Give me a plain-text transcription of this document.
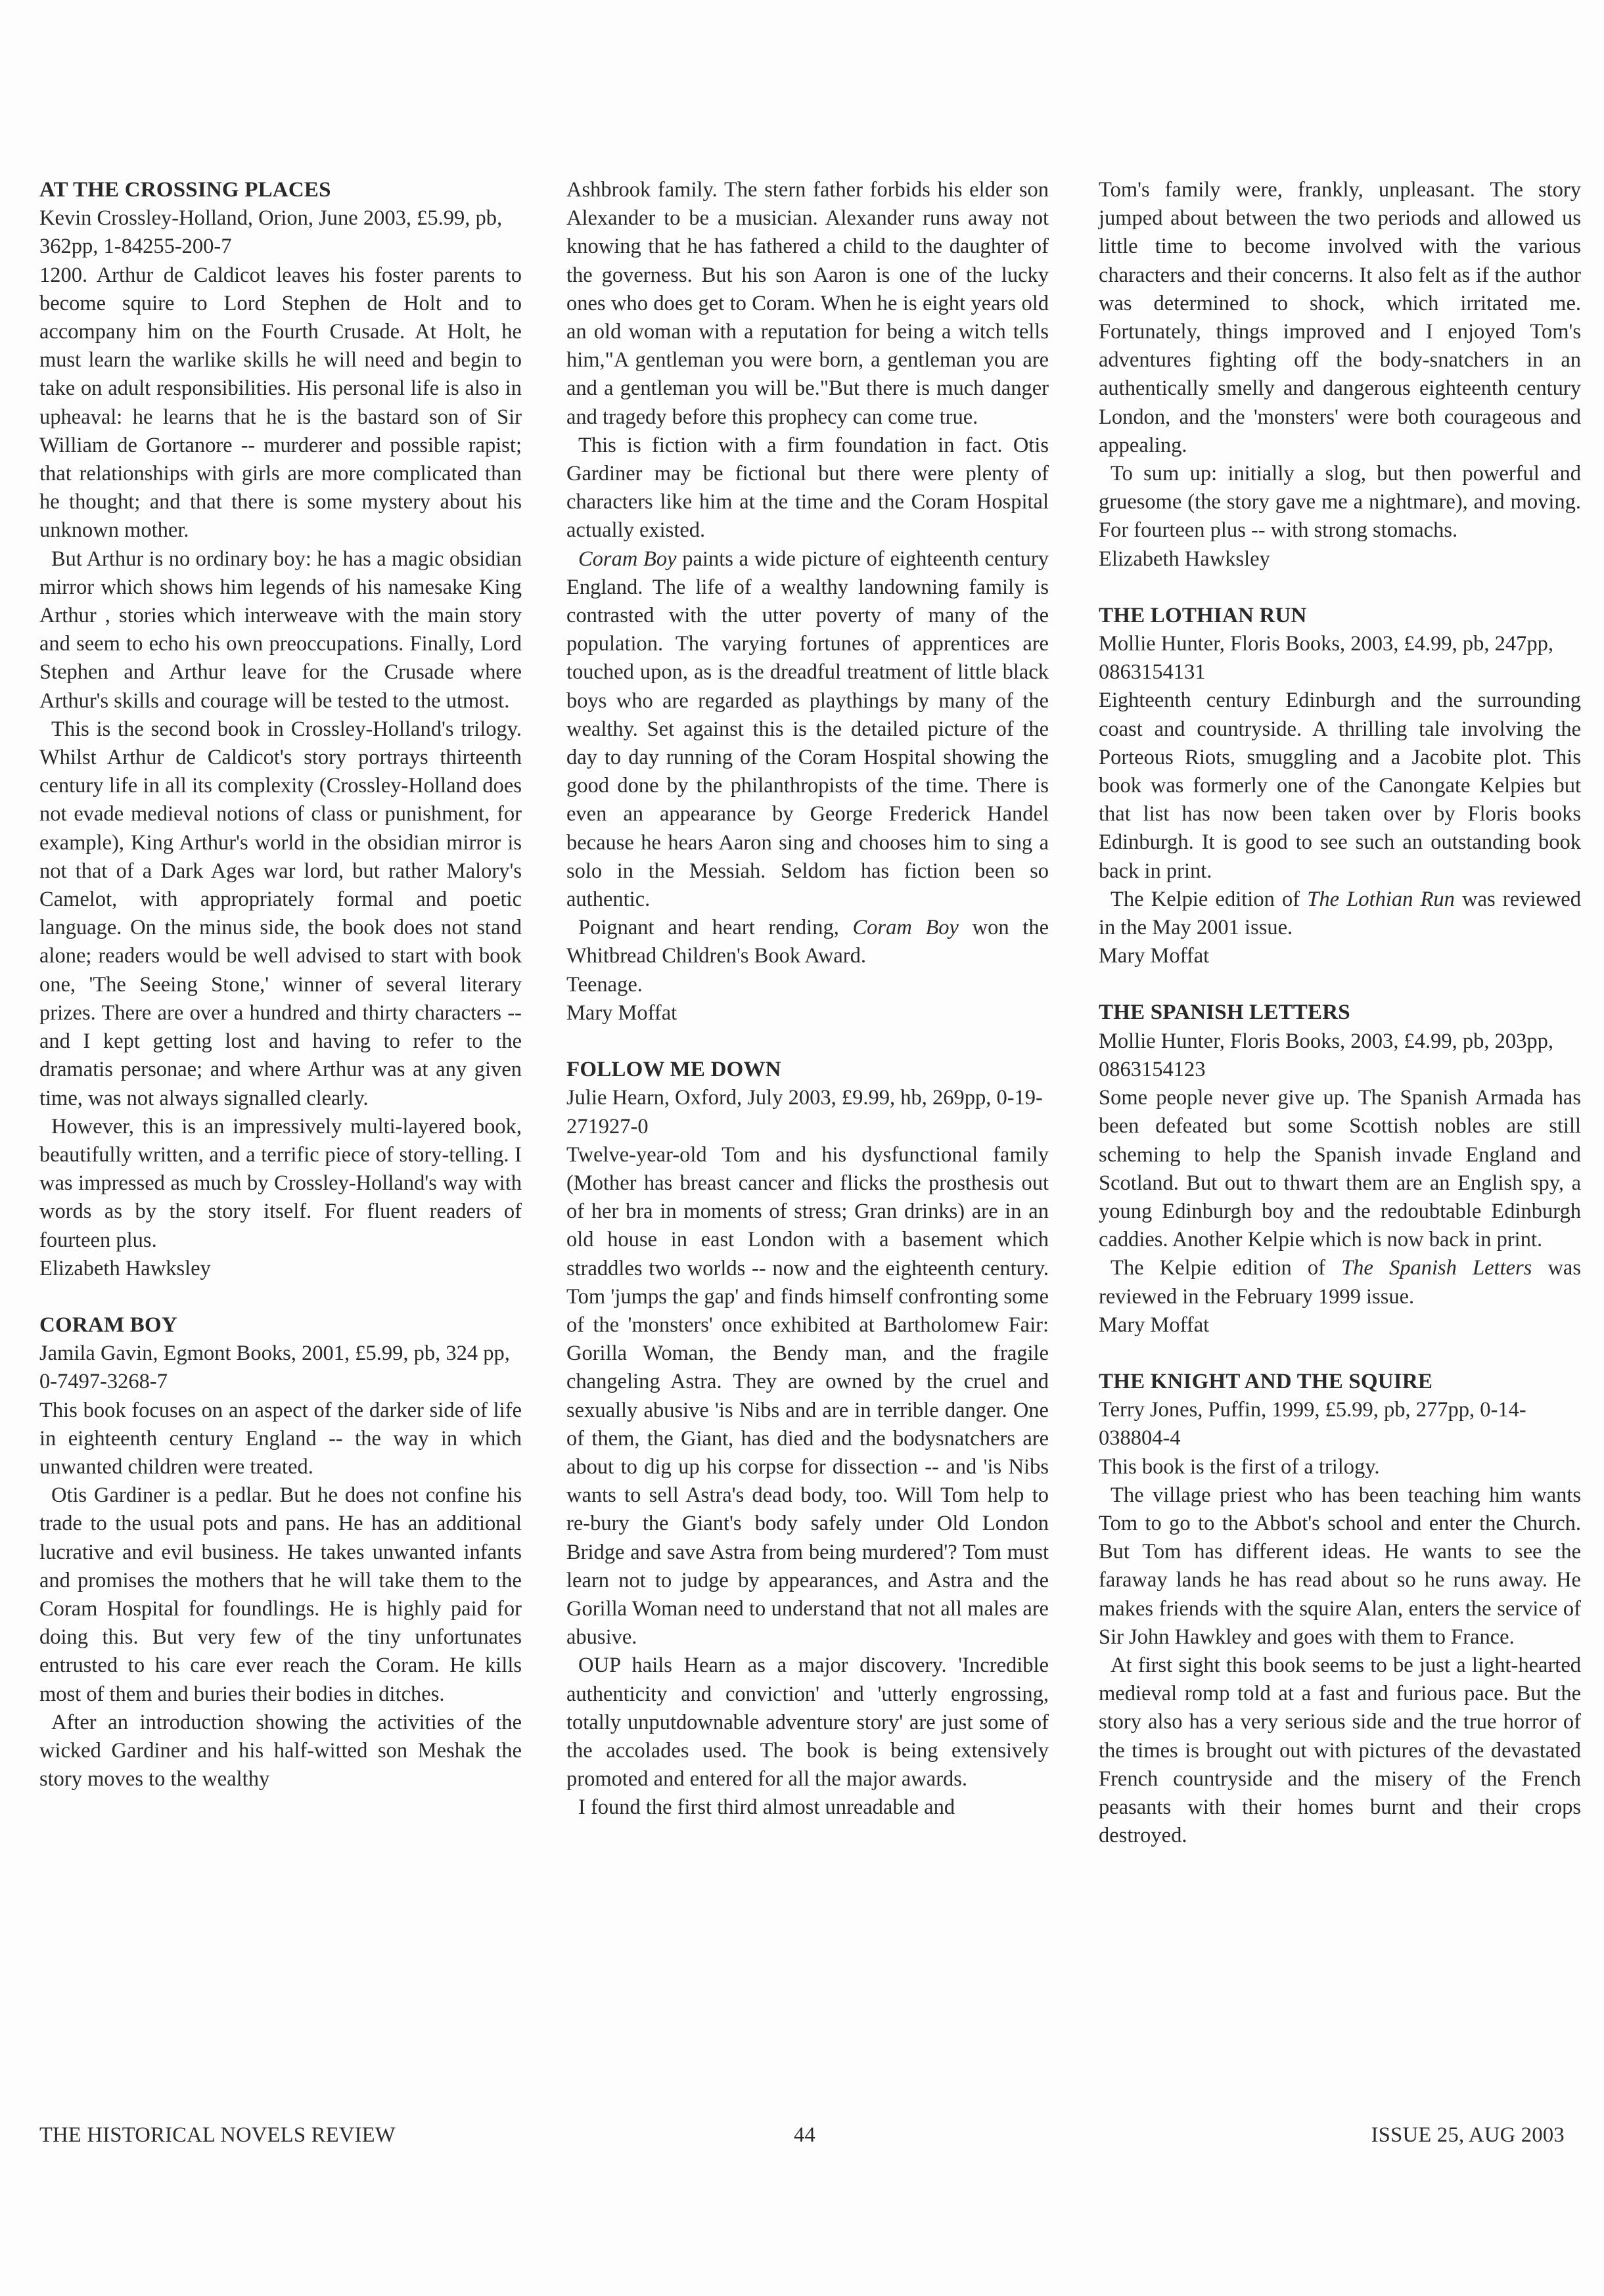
AT THE CROSSING PLACES
Kevin Crossley-Holland, Orion, June 2003, £5.99, pb, 362pp, 1-84255-200-7

1200. Arthur de Caldicot leaves his foster parents to become squire to Lord Stephen de Holt and to accompany him on the Fourth Crusade. At Holt, he must learn the warlike skills he will need and begin to take on adult responsibilities. His personal life is also in upheaval: he learns that he is the bastard son of Sir William de Gortanore -- murderer and possible rapist; that relationships with girls are more complicated than he thought; and that there is some mystery about his unknown mother.

But Arthur is no ordinary boy: he has a magic obsidian mirror which shows him legends of his namesake King Arthur , stories which interweave with the main story and seem to echo his own preoccupations. Finally, Lord Stephen and Arthur leave for the Crusade where Arthur's skills and courage will be tested to the utmost.

This is the second book in Crossley-Holland's trilogy. Whilst Arthur de Caldicot's story portrays thirteenth century life in all its complexity (Crossley-Holland does not evade medieval notions of class or punishment, for example), King Arthur's world in the obsidian mirror is not that of a Dark Ages war lord, but rather Malory's Camelot, with appropriately formal and poetic language. On the minus side, the book does not stand alone; readers would be well advised to start with book one, 'The Seeing Stone,' winner of several literary prizes. There are over a hundred and thirty characters -- and I kept getting lost and having to refer to the dramatis personae; and where Arthur was at any given time, was not always signalled clearly.

However, this is an impressively multi-layered book, beautifully written, and a terrific piece of story-telling. I was impressed as much by Crossley-Holland's way with words as by the story itself. For fluent readers of fourteen plus.

Elizabeth Hawksley
CORAM BOY
Jamila Gavin, Egmont Books, 2001, £5.99, pb, 324 pp, 0-7497-3268-7

This book focuses on an aspect of the darker side of life in eighteenth century England -- the way in which unwanted children were treated.

Otis Gardiner is a pedlar. But he does not confine his trade to the usual pots and pans. He has an additional lucrative and evil business. He takes unwanted infants and promises the mothers that he will take them to the Coram Hospital for foundlings. He is highly paid for doing this. But very few of the tiny unfortunates entrusted to his care ever reach the Coram. He kills most of them and buries their bodies in ditches.

After an introduction showing the activities of the wicked Gardiner and his half-witted son Meshak the story moves to the wealthy

Ashbrook family. The stern father forbids his elder son Alexander to be a musician. Alexander runs away not knowing that he has fathered a child to the daughter of the governess. But his son Aaron is one of the lucky ones who does get to Coram. When he is eight years old an old woman with a reputation for being a witch tells him,"A gentleman you were born, a gentleman you are and a gentleman you will be."But there is much danger and tragedy before this prophecy can come true.

This is fiction with a firm foundation in fact. Otis Gardiner may be fictional but there were plenty of characters like him at the time and the Coram Hospital actually existed.

Coram Boy paints a wide picture of eighteenth century England. The life of a wealthy landowning family is contrasted with the utter poverty of many of the population. The varying fortunes of apprentices are touched upon, as is the dreadful treatment of little black boys who are regarded as playthings by many of the wealthy. Set against this is the detailed picture of the day to day running of the Coram Hospital showing the good done by the philanthropists of the time. There is even an appearance by George Frederick Handel because he hears Aaron sing and chooses him to sing a solo in the Messiah. Seldom has fiction been so authentic.

Poignant and heart rending, Coram Boy won the Whitbread Children's Book Award.

Teenage.
Mary Moffat
FOLLOW ME DOWN
Julie Hearn, Oxford, July 2003, £9.99, hb, 269pp, 0-19-271927-0

Twelve-year-old Tom and his dysfunctional family (Mother has breast cancer and flicks the prosthesis out of her bra in moments of stress; Gran drinks) are in an old house in east London with a basement which straddles two worlds -- now and the eighteenth century. Tom 'jumps the gap' and finds himself confronting some of the 'monsters' once exhibited at Bartholomew Fair: Gorilla Woman, the Bendy man, and the fragile changeling Astra. They are owned by the cruel and sexually abusive 'is Nibs and are in terrible danger. One of them, the Giant, has died and the bodysnatchers are about to dig up his corpse for dissection -- and 'is Nibs wants to sell Astra's dead body, too. Will Tom help to re-bury the Giant's body safely under Old London Bridge and save Astra from being murdered'? Tom must learn not to judge by appearances, and Astra and the Gorilla Woman need to understand that not all males are abusive.

OUP hails Hearn as a major discovery. 'Incredible authenticity and conviction' and 'utterly engrossing, totally unputdownable adventure story' are just some of the accolades used. The book is being extensively promoted and entered for all the major awards.

I found the first third almost unreadable and

Tom's family were, frankly, unpleasant. The story jumped about between the two periods and allowed us little time to become involved with the various characters and their concerns. It also felt as if the author was determined to shock, which irritated me. Fortunately, things improved and I enjoyed Tom's adventures fighting off the body-snatchers in an authentically smelly and dangerous eighteenth century London, and the 'monsters' were both courageous and appealing.

To sum up: initially a slog, but then powerful and gruesome (the story gave me a nightmare), and moving. For fourteen plus -- with strong stomachs.

Elizabeth Hawksley
THE LOTHIAN RUN
Mollie Hunter, Floris Books, 2003, £4.99, pb, 247pp, 0863154131

Eighteenth century Edinburgh and the surrounding coast and countryside. A thrilling tale involving the Porteous Riots, smuggling and a Jacobite plot. This book was formerly one of the Canongate Kelpies but that list has now been taken over by Floris books Edinburgh. It is good to see such an outstanding book back in print.

The Kelpie edition of The Lothian Run was reviewed in the May 2001 issue.

Mary Moffat
THE SPANISH LETTERS
Mollie Hunter, Floris Books, 2003, £4.99, pb, 203pp, 0863154123

Some people never give up. The Spanish Armada has been defeated but some Scottish nobles are still scheming to help the Spanish invade England and Scotland. But out to thwart them are an English spy, a young Edinburgh boy and the redoubtable Edinburgh caddies. Another Kelpie which is now back in print.

The Kelpie edition of The Spanish Letters was reviewed in the February 1999 issue.

Mary Moffat
THE KNIGHT AND THE SQUIRE
Terry Jones, Puffin, 1999, £5.99, pb, 277pp, 0-14-038804-4

This book is the first of a trilogy.

The village priest who has been teaching him wants Tom to go to the Abbot's school and enter the Church. But Tom has different ideas. He wants to see the faraway lands he has read about so he runs away. He makes friends with the squire Alan, enters the service of Sir John Hawkley and goes with them to France.

At first sight this book seems to be just a light-hearted medieval romp told at a fast and furious pace. But the story also has a very serious side and the true horror of the times is brought out with pictures of the devastated French countryside and the misery of the French peasants with their homes burnt and their crops destroyed.

THE HISTORICAL NOVELS REVIEW	44	ISSUE 25, AUG 2003
